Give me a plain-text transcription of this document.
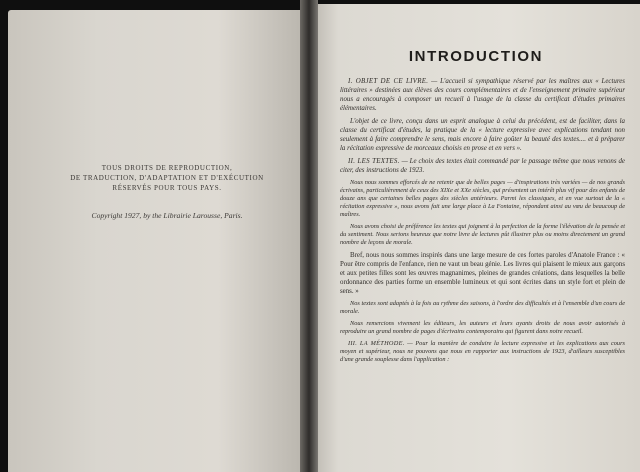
TOUS DROITS DE REPRODUCTION,
DE TRADUCTION, D'ADAPTATION ET D'EXÉCUTION
RÉSERVÉS POUR TOUS PAYS.
Copyright 1927, by the Librairie Larousse, Paris.
INTRODUCTION

I. OBJET DE CE LIVRE. — L'accueil si sympathique réservé par les maîtres aux « Lectures littéraires » destinées aux élèves des cours complémentaires et de l'enseignement primaire supérieur nous a encouragés à composer un recueil à l'usage de la classe du certificat d'études primaires élémentaires.

L'objet de ce livre, conçu dans un esprit analogue à celui du précédent, est de faciliter, dans la classe du certificat d'études, la pratique de la « lecture expressive avec explications tendant non seulement à faire comprendre le sens, mais encore à faire goûter la beauté des textes.... et à préparer la récitation expressive de morceaux choisis en prose et en vers ».

II. LES TEXTES. — Le choix des textes était commandé par le passage même que nous venons de citer, des instructions de 1923.

Nous nous sommes efforcés de ne retenir que de belles pages — d'inspirations très variées — de nos grands écrivains, particulièrement de ceux des XIXe et XXe siècles, qui présentent un intérêt plus vif pour des enfants de douze ans que certaines belles pages des siècles antérieurs. Parmi les classiques, et en vue surtout de la « récitation expressive », nous avons fait une large place à La Fontaine, répondant ainsi au vœu de beaucoup de maîtres.

Nous avons choisi de préférence les textes qui joignent à la perfection de la forme l'élévation de la pensée et du sentiment. Nous serions heureux que notre livre de lectures pût illustrer plus ou moins directement un grand nombre de leçons de morale.

Bref, nous nous sommes inspirés dans une large mesure de ces fortes paroles d'Anatole France : « Pour être compris de l'enfance, rien ne vaut un beau génie. Les livres qui plaisent le mieux aux garçons et aux petites filles sont les œuvres magnanimes, pleines de grandes créations, dans lesquelles la belle ordonnance des parties forme un ensemble lumineux et qui sont écrites dans un style fort et plein de sens. »

Nos textes sont adaptés à la fois au rythme des saisons, à l'ordre des difficultés et à l'ensemble d'un cours de morale.

Nous remercions vivement les éditeurs, les auteurs et leurs ayants droits de nous avoir autorisés à reproduire un grand nombre de pages d'écrivains contemporains qui figurent dans notre recueil.

III. LA MÉTHODE. — Pour la manière de conduire la lecture expressive et les explications aux cours moyen et supérieur, nous ne pouvons que nous en rapporter aux instructions de 1923, d'ailleurs susceptibles d'une grande souplesse dans l'application :
